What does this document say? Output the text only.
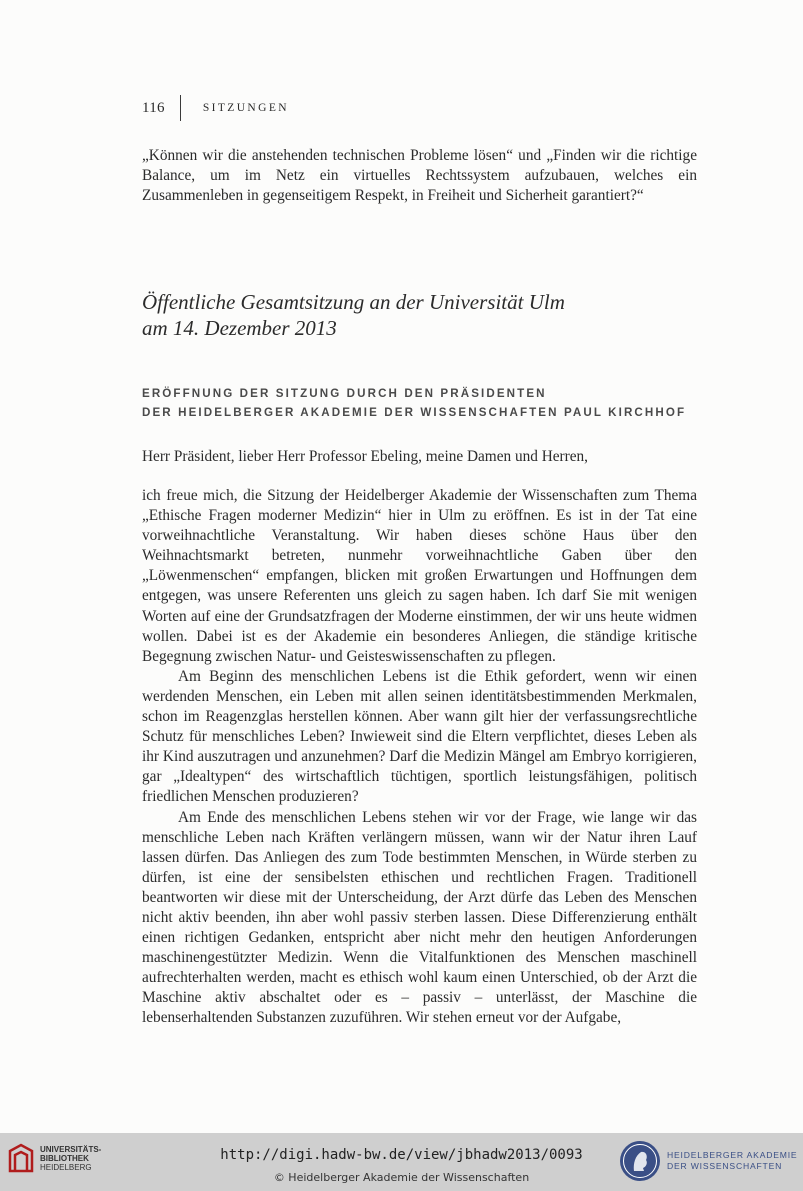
116	SITZUNGEN
„Können wir die anstehenden technischen Probleme lösen“ und „Finden wir die richtige Balance, um im Netz ein virtuelles Rechtssystem aufzubauen, welches ein Zusammenleben in gegenseitigem Respekt, in Freiheit und Sicherheit garantiert?“
Öffentliche Gesamtsitzung an der Universität Ulm
am 14. Dezember 2013
ERÖFFNUNG DER SITZUNG DURCH DEN PRÄSIDENTEN
DER HEIDELBERGER AKADEMIE DER WISSENSCHAFTEN PAUL KIRCHHOF
Herr Präsident, lieber Herr Professor Ebeling, meine Damen und Herren,

ich freue mich, die Sitzung der Heidelberger Akademie der Wissenschaften zum Thema „Ethische Fragen moderner Medizin“ hier in Ulm zu eröffnen. Es ist in der Tat eine vorweihnachtliche Veranstaltung. Wir haben dieses schöne Haus über den Weihnachtsmarkt betreten, nunmehr vorweihnachtliche Gaben über den „Löwenmenschen“ empfangen, blicken mit großen Erwartungen und Hoffnungen dem entgegen, was unsere Referenten uns gleich zu sagen haben. Ich darf Sie mit wenigen Worten auf eine der Grundsatzfragen der Moderne einstimmen, der wir uns heute widmen wollen. Dabei ist es der Akademie ein besonderes Anliegen, die ständige kritische Begegnung zwischen Natur- und Geisteswissenschaften zu pflegen.

Am Beginn des menschlichen Lebens ist die Ethik gefordert, wenn wir einen werdenden Menschen, ein Leben mit allen seinen identitätsbestimmenden Merkmalen, schon im Reagenzglas herstellen können. Aber wann gilt hier der verfassungsrechtliche Schutz für menschliches Leben? Inwieweit sind die Eltern verpflichtet, dieses Leben als ihr Kind auszutragen und anzunehmen? Darf die Medizin Mängel am Embryo korrigieren, gar „Idealtypen“ des wirtschaftlich tüchtigen, sportlich leistungsfähigen, politisch friedlichen Menschen produzieren?

Am Ende des menschlichen Lebens stehen wir vor der Frage, wie lange wir das menschliche Leben nach Kräften verlängern müssen, wann wir der Natur ihren Lauf lassen dürfen. Das Anliegen des zum Tode bestimmten Menschen, in Würde sterben zu dürfen, ist eine der sensibelsten ethischen und rechtlichen Fragen. Traditionell beantworten wir diese mit der Unterscheidung, der Arzt dürfe das Leben des Menschen nicht aktiv beenden, ihn aber wohl passiv sterben lassen. Diese Differenzierung enthält einen richtigen Gedanken, entspricht aber nicht mehr den heutigen Anforderungen maschinengestützter Medizin. Wenn die Vitalfunktionen des Menschen maschinell aufrechterhalten werden, macht es ethisch wohl kaum einen Unterschied, ob der Arzt die Maschine aktiv abschaltet oder es – passiv – unterlässt, der Maschine die lebenserhaltenden Substanzen zuzuführen. Wir stehen erneut vor der Aufgabe,

UNIVERSITÄTS-
BIBLIOTHEK
HEIDELBERG
http://digi.hadw-bw.de/view/jbhadw2013/0093
© Heidelberger Akademie der Wissenschaften
HEIDELBERGER AKADEMIE
DER WISSENSCHAFTEN
